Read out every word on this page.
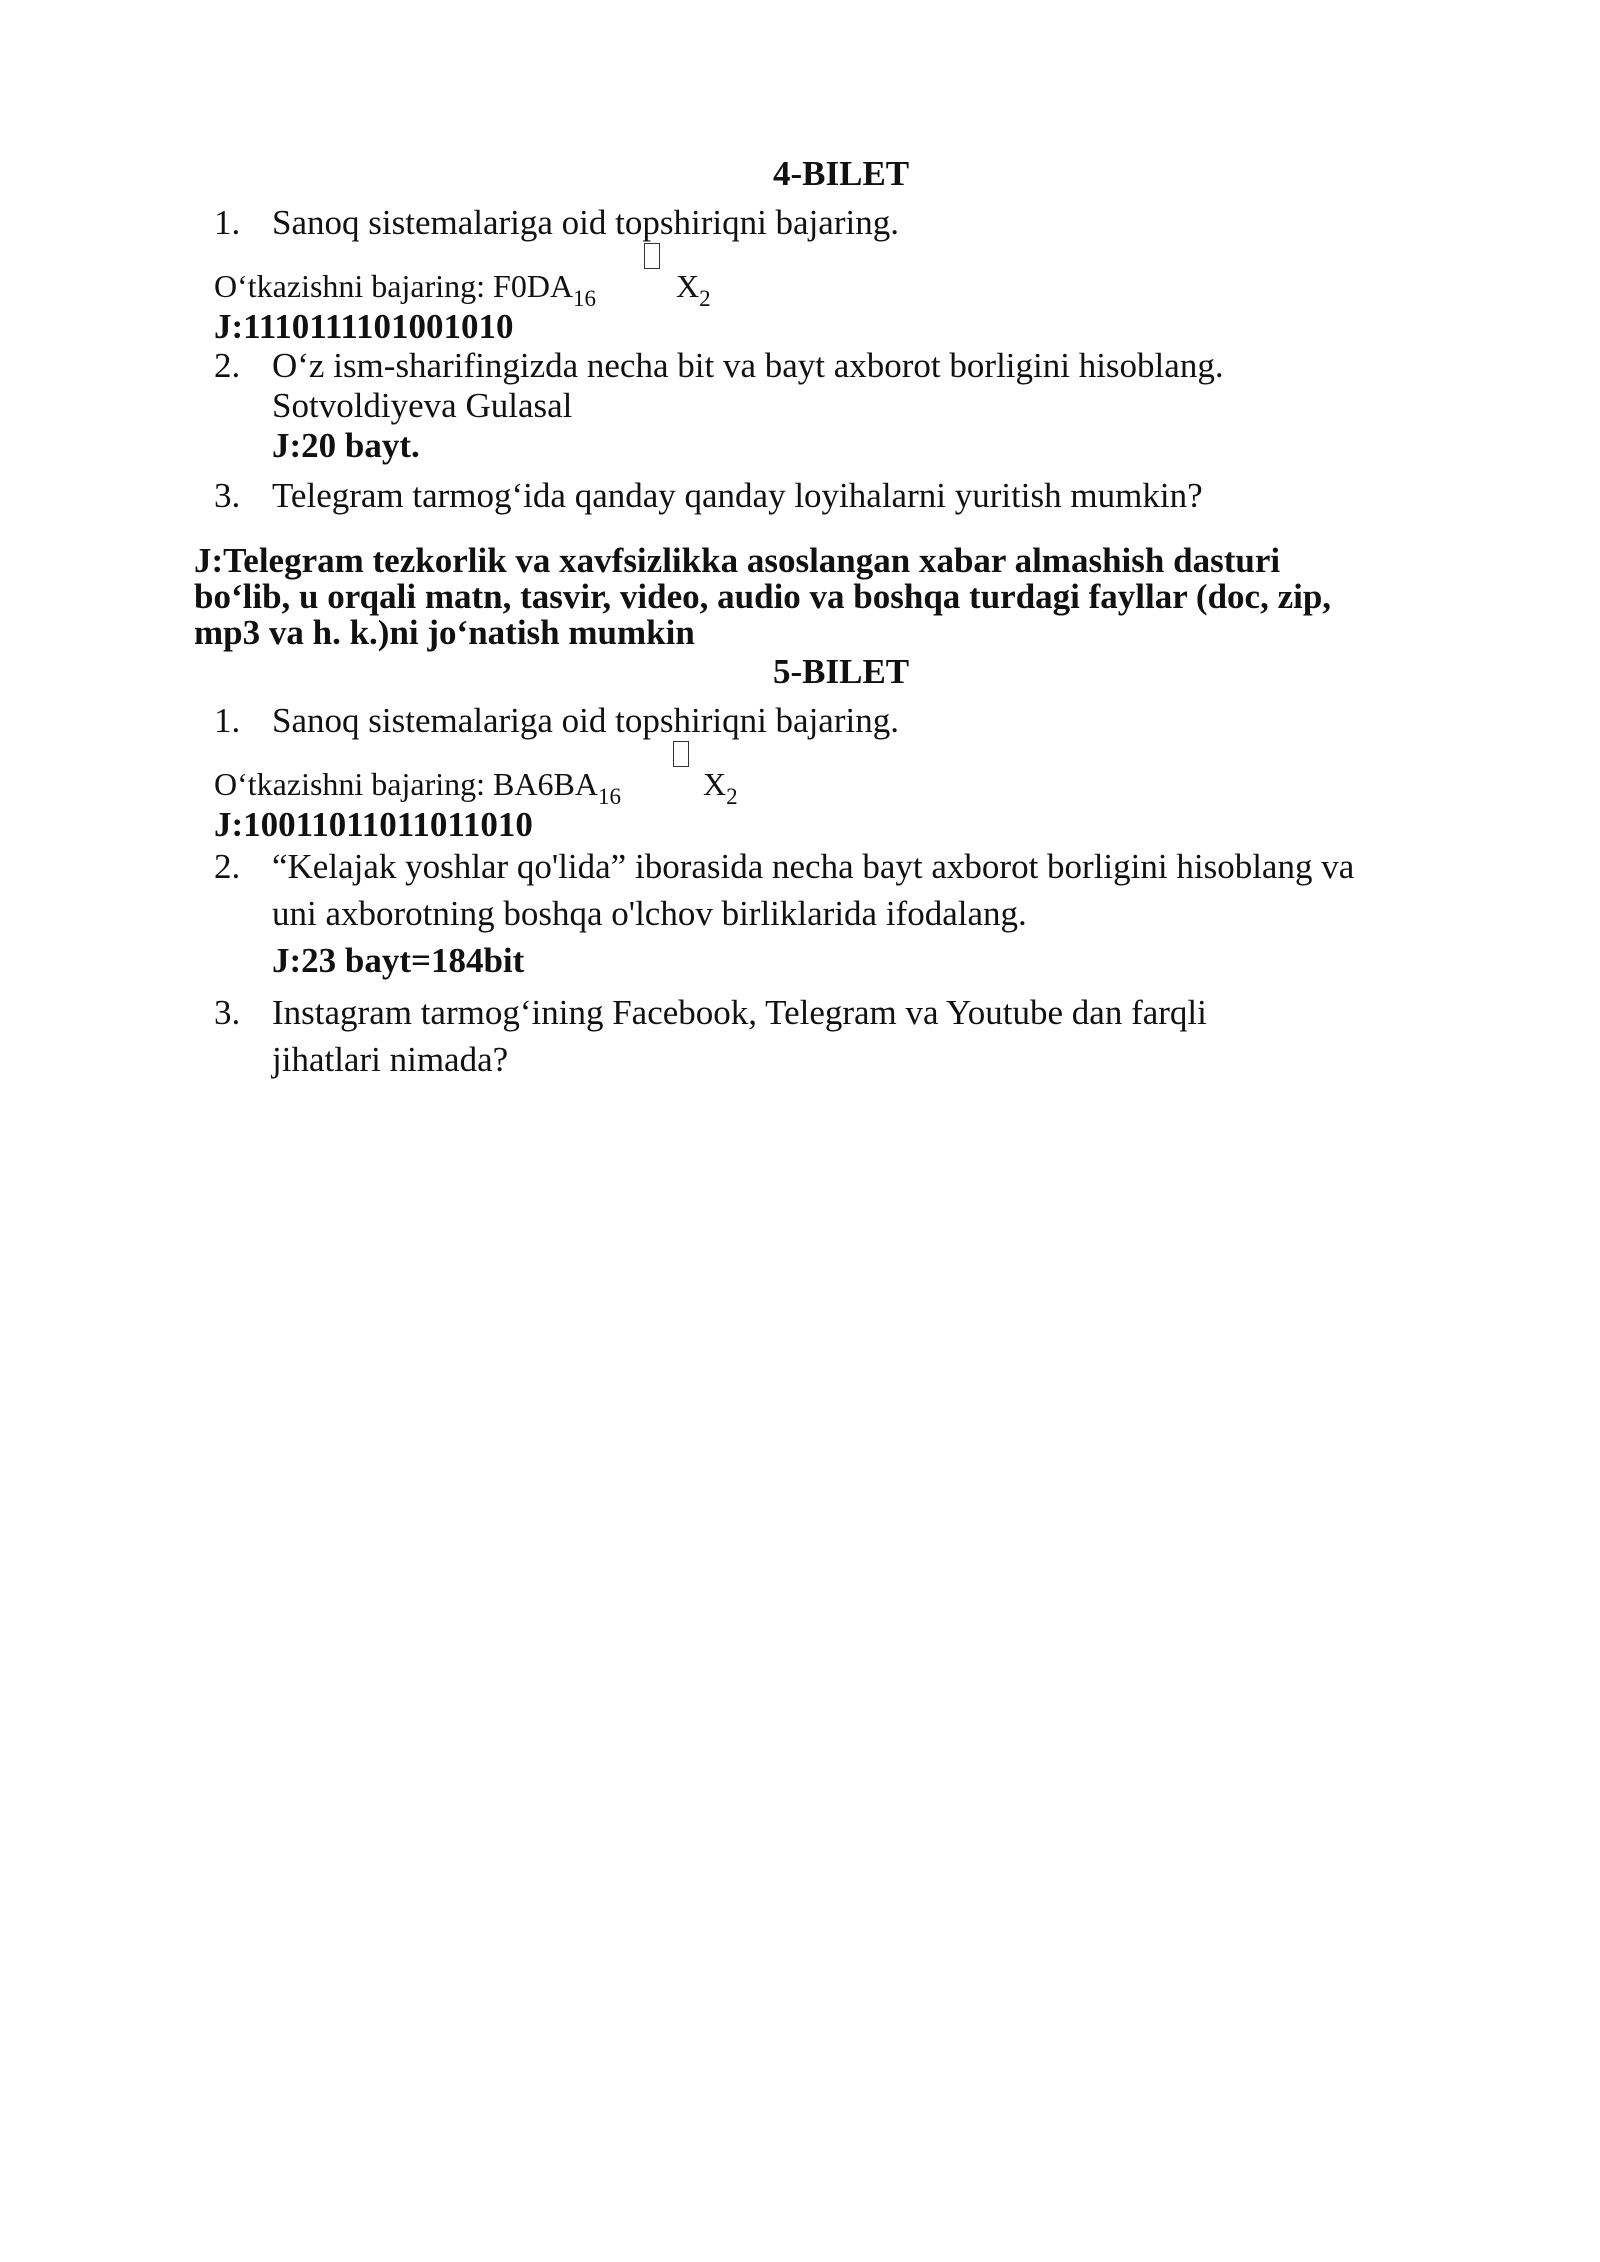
4-BILET
1. Sanoq sistemalariga oid topshiriqni bajaring.
O‘tkazishni bajaring: $F0DA_{16}$ $X_2$
J:1110111101001010
2. O‘z ism-sharifingizda necha bit va bayt axborot borligini hisoblang.
Sotvoldiyeva Gulasal
J:20 bayt.
3. Telegram tarmog‘ida qanday qanday loyihalarni yuritish mumkin?
J:Telegram tezkorlik va xavfsizlikka asoslangan xabar almashish dasturi
bo‘lib, u orqali matn, tasvir, video, audio va boshqa turdagi fayllar (doc, zip,
mp3 va h. k.)ni jo‘natish mumkin
5-BILET
1. Sanoq sistemalariga oid topshiriqni bajaring.
O‘tkazishni bajaring: $BA6BA_{16}$	$X_2$
J:10011011011011010
2. “Kelajak yoshlar qo'lida” iborasida necha bayt axborot borligini hisoblang va
uni axborotning boshqa o'lchov birliklarida ifodalang.
J:23 bayt=184bit
3. Instagram tarmog‘ining Facebook, Telegram va Youtube dan farqli
jihatlari nimada?
